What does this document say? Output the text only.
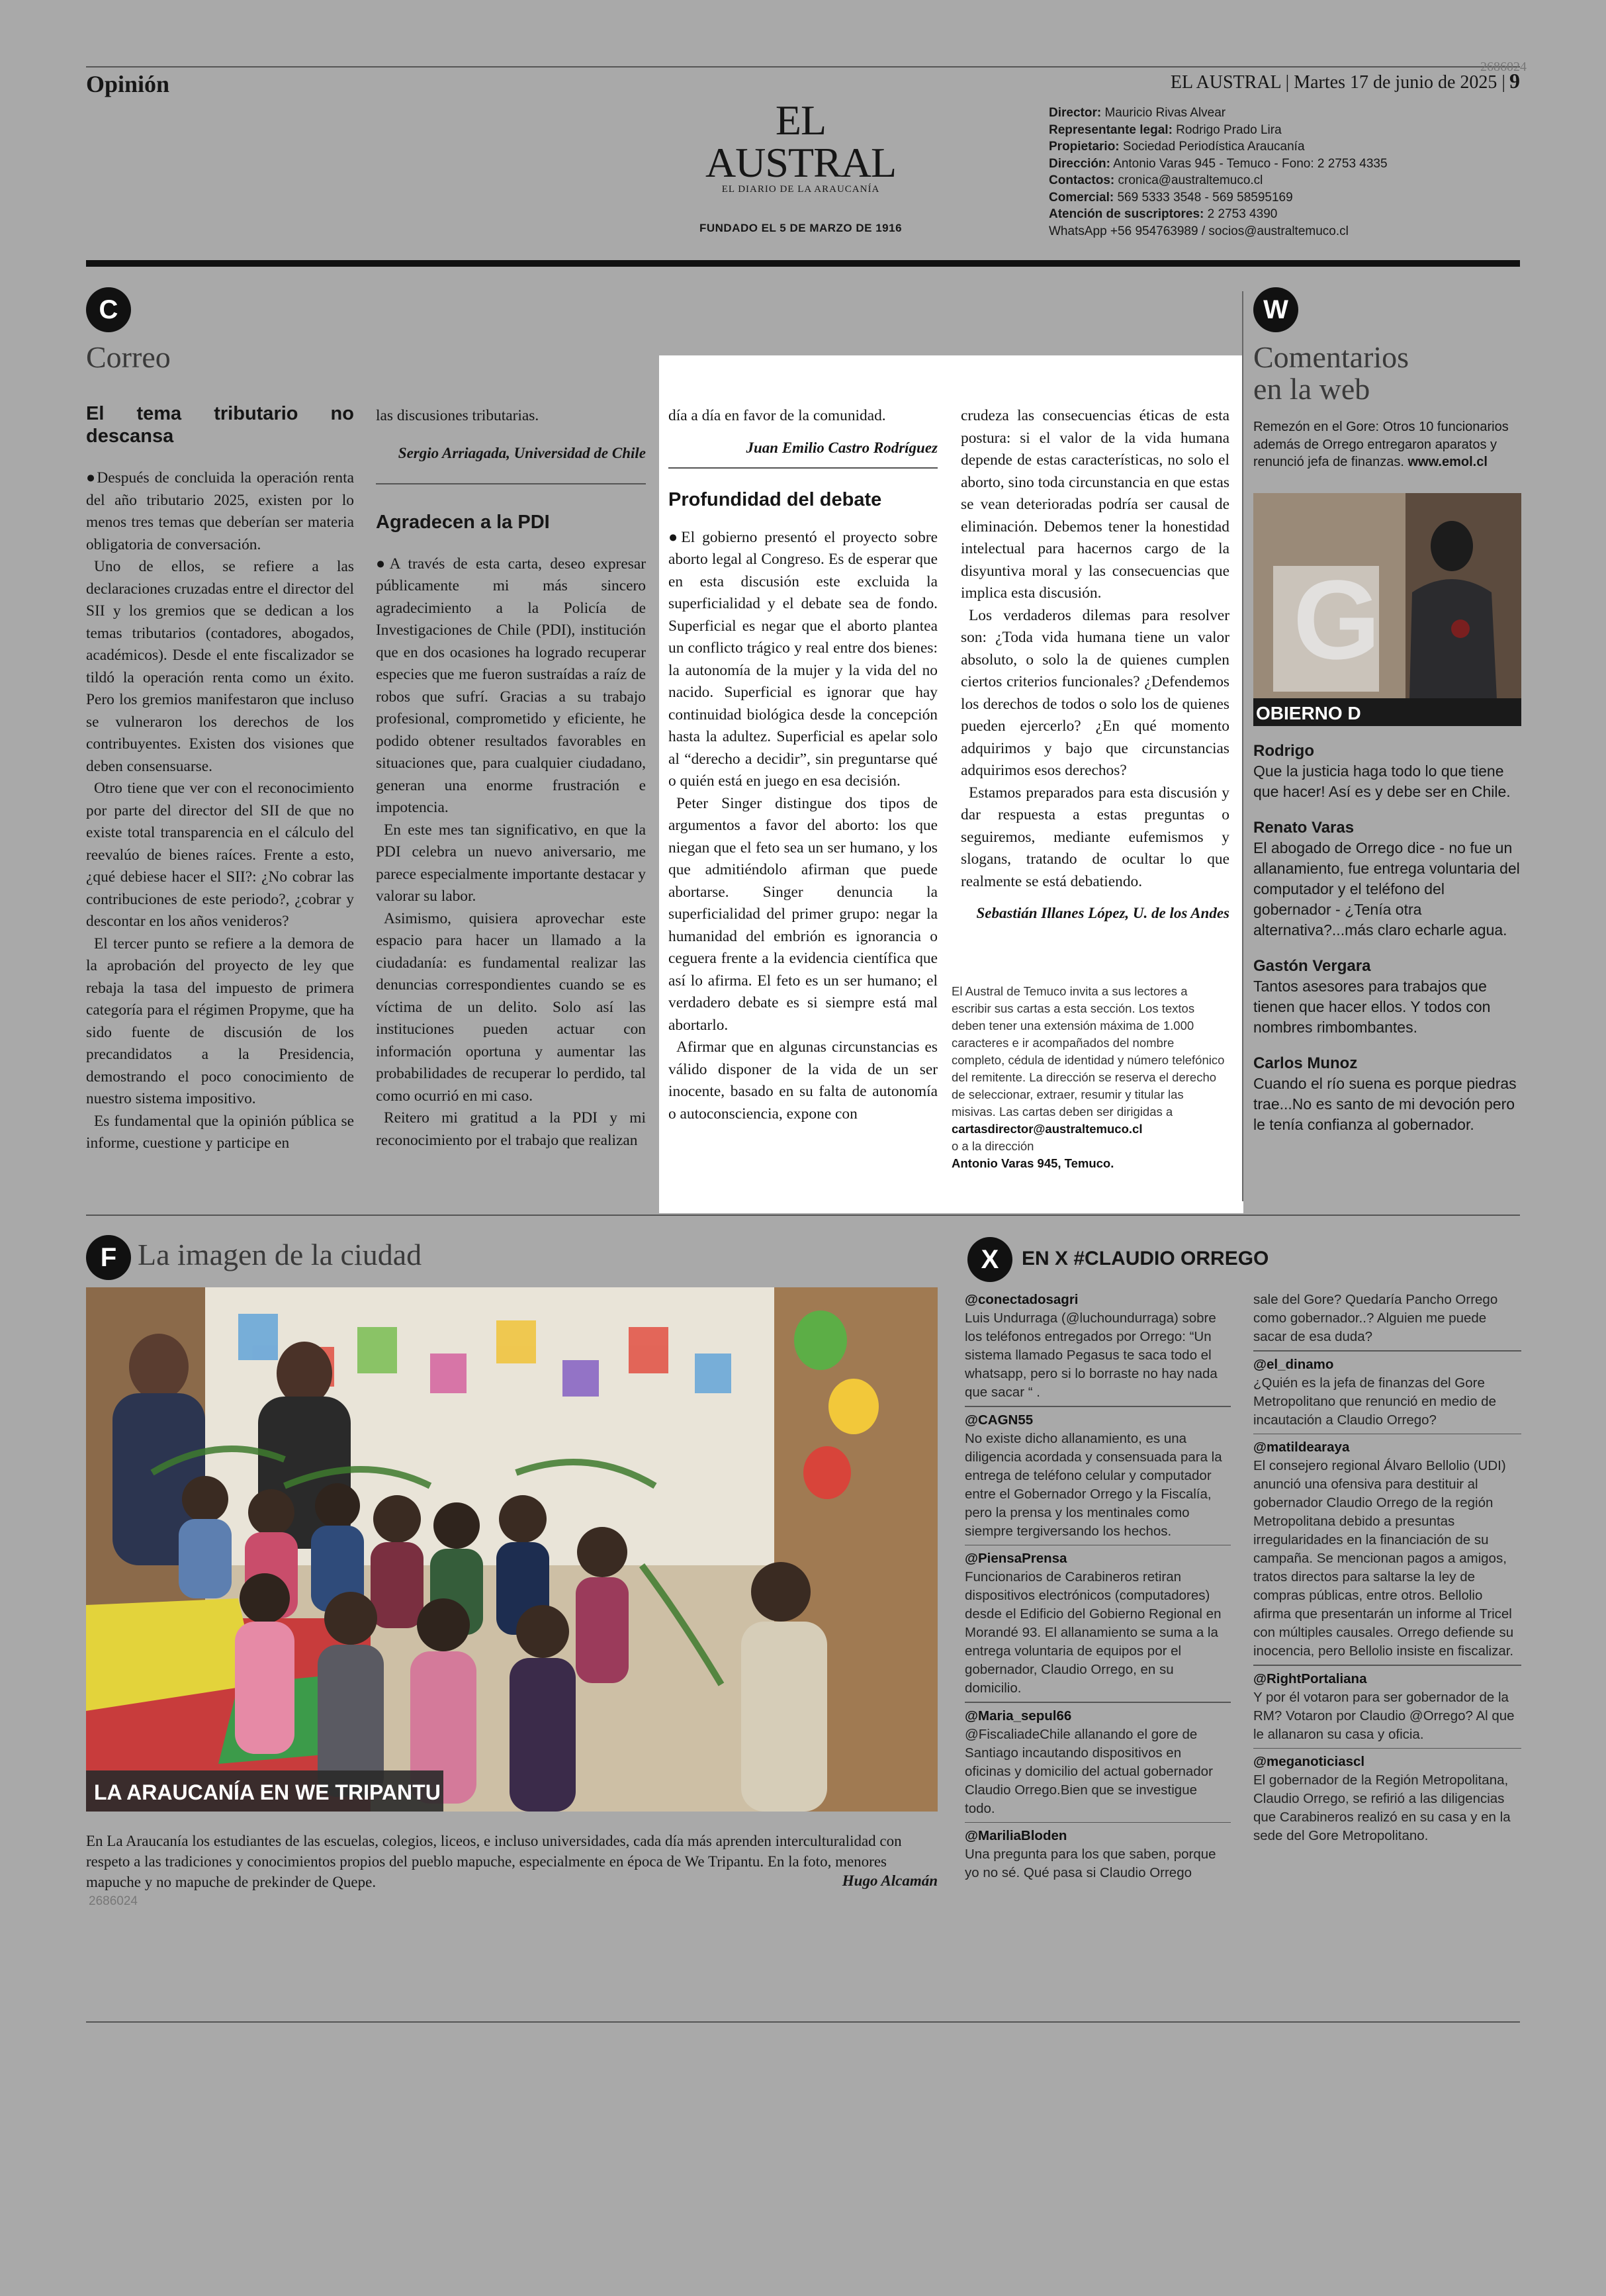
Opinión
2686024
EL AUSTRAL | Martes 17 de junio de 2025 | 9
EL AUSTRAL
EL DIARIO DE LA ARAUCANÍA
FUNDADO EL 5 DE MARZO DE 1916
Director: Mauricio Rivas Alvear
Representante legal: Rodrigo Prado Lira
Propietario: Sociedad Periodística Araucanía
Dirección: Antonio Varas 945 - Temuco - Fono: 2 2753 4335
Contactos: cronica@australtemuco.cl
Comercial: 569 5333 3548 - 569 58595169
Atención de suscriptores: 2 2753 4390
WhatsApp +56 954763989 / socios@australtemuco.cl
C
Correo
El tema tributario no descansa

●Después de concluida la operación renta del año tributario 2025, existen por lo menos tres temas que deberían ser materia obligatoria de conversación.

Uno de ellos, se refiere a las declaraciones cruzadas entre el director del SII y los gremios que se dedican a los temas tributarios (contadores, abogados, académicos). Desde el ente fiscalizador se tildó la operación renta como un éxito. Pero los gremios manifestaron que incluso se vulneraron los derechos de los contribuyentes. Existen dos visiones que deben consensuarse.

Otro tiene que ver con el reconocimiento por parte del director del SII de que no existe total transparencia en el cálculo del reevalúo de bienes raíces. Frente a esto, ¿qué debiese hacer el SII?: ¿No cobrar las contribuciones de este periodo?, ¿cobrar y descontar en los años venideros?

El tercer punto se refiere a la demora de la aprobación del proyecto de ley que rebaja la tasa del impuesto de primera categoría para el régimen Propyme, que ha sido fuente de discusión de los precandidatos a la Presidencia, demostrando el poco conocimiento de nuestro sistema impositivo.

Es fundamental que la opinión pública se informe, cuestione y participe en

las discusiones tributarias.

Sergio Arriagada, Universidad de Chile
Agradecen a la PDI

●A través de esta carta, deseo expresar públicamente mi más sincero agradecimiento a la Policía de Investigaciones de Chile (PDI), institución que en dos ocasiones ha logrado recuperar especies que me fueron sustraídas a raíz de robos que sufrí. Gracias a su trabajo profesional, comprometido y eficiente, he podido obtener resultados favorables en situaciones que, para cualquier ciudadano, generan una enorme frustración e impotencia.

En este mes tan significativo, en que la PDI celebra un nuevo aniversario, me parece especialmente importante destacar y valorar su labor.

Asimismo, quisiera aprovechar este espacio para hacer un llamado a la ciudadanía: es fundamental realizar las denuncias correspondientes cuando se es víctima de un delito. Solo así las instituciones pueden actuar con información oportuna y aumentar las probabilidades de recuperar lo perdido, tal como ocurrió en mi caso.

Reitero mi gratitud a la PDI y mi reconocimiento por el trabajo que realizan

día a día en favor de la comunidad.

Juan Emilio Castro Rodríguez
Profundidad del debate

●El gobierno presentó el proyecto sobre aborto legal al Congreso. Es de esperar que en esta discusión este excluida la superficialidad y el debate sea de fondo. Superficial es negar que el aborto plantea un conflicto trágico y real entre dos bienes: la autonomía de la mujer y la vida del no nacido. Superficial es ignorar que hay continuidad biológica desde la concepción hasta la adultez. Superficial es apelar solo al “derecho a decidir”, sin preguntarse qué o quién está en juego en esa decisión.

Peter Singer distingue dos tipos de argumentos a favor del aborto: los que niegan que el feto sea un ser humano, y los que admitiéndolo afirman que puede abortarse. Singer denuncia la superficialidad del primer grupo: negar la humanidad del embrión es ignorancia o ceguera frente a la evidencia científica que así lo afirma. El feto es un ser humano; el verdadero debate es si siempre está mal abortarlo.

Afirmar que en algunas circunstancias es válido disponer de la vida de un ser inocente, basado en su falta de autonomía o autoconsciencia, expone con

crudeza las consecuencias éticas de esta postura: si el valor de la vida humana depende de estas características, no solo el aborto, sino toda circunstancia en que estas se vean deterioradas podría ser causal de eliminación. Debemos tener la honestidad intelectual para hacernos cargo de la disyuntiva moral y las consecuencias que implica esta discusión.

Los verdaderos dilemas para resolver son: ¿Toda vida humana tiene un valor absoluto, o solo la de quienes cumplen ciertos criterios funcionales? ¿Defendemos los derechos de todos o solo los de quienes pueden ejercerlo? ¿En qué momento adquirimos y bajo que circunstancias adquirimos esos derechos?

Estamos preparados para esta discusión y dar respuesta a estas preguntas o seguiremos, mediante eufemismos y slogans, tratando de ocultar lo que realmente se está debatiendo.

Sebastián Illanes López, U. de los Andes
El Austral de Temuco invita a sus lectores a escribir sus cartas a esta sección. Los textos deben tener una extensión máxima de 1.000 caracteres e ir acompañados del nombre completo, cédula de identidad y número telefónico del remitente. La dirección se reserva el derecho de seleccionar, extraer, resumir y titular las misivas. Las cartas deben ser dirigidas a
cartasdirector@australtemuco.cl
o a la dirección
Antonio Varas 945, Temuco.
W
Comentarios
en la web
Remezón en el Gore: Otros 10 funcionarios además de Orrego entregaron aparatos y renunció jefa de finanzas. www.emol.cl
G
OBIERNO D
Rodrigo
Que la justicia haga todo lo que tiene que hacer! Así es y debe ser en Chile.
Renato Varas
El abogado de Orrego dice - no fue un allanamiento, fue entrega voluntaria del computador y el teléfono del gobernador - ¿Tenía otra alternativa?...más claro echarle agua.
Gastón Vergara
Tantos asesores para trabajos que tienen que hacer ellos. Y todos con nombres rimbombantes.
Carlos Munoz
Cuando el río suena es porque piedras trae...No es santo de mi devoción pero le tenía confianza al gobernador.
F La imagen de la ciudad
LA ARAUCANÍA EN WE TRIPANTU
En La Araucanía los estudiantes de las escuelas, colegios, liceos, e incluso universidades, cada día más aprenden interculturalidad con respeto a las tradiciones y conocimientos propios del pueblo mapuche, especialmente en época de We Tripantu. En la foto, menores mapuche y no mapuche de prekinder de Quepe.	Hugo Alcamán
2686024
X	EN X #CLAUDIO ORREGO
@conectadosagri
Luis Undurraga (@luchoundurraga) sobre los teléfonos entregados por Orrego: “Un sistema llamado Pegasus te saca todo el whatsapp, pero si lo borraste no hay nada que sacar “ .
@CAGN55
No existe dicho allanamiento, es una diligencia acordada y consensuada para la entrega de teléfono celular y computador entre el Gobernador Orrego y la Fiscalía, pero la prensa y los mentinales como siempre tergiversando los hechos.
@PiensaPrensa
Funcionarios de Carabineros retiran dispositivos electrónicos (computadores) desde el Edificio del Gobierno Regional en Morandé 93. El allanamiento se suma a la entrega voluntaria de equipos por el gobernador, Claudio Orrego, en su domicilio.
@Maria_sepul66
@FiscaliadeChile allanando el gore de Santiago incautando dispositivos en oficinas y domicilio del actual gobernador Claudio Orrego.Bien que se investigue todo.
@MariliaBloden
Una pregunta para los que saben, porque yo no sé. Qué pasa si Claudio Orrego
sale del Gore? Quedaría Pancho Orrego como gobernador..? Alguien me puede sacar de esa duda?
@el_dinamo
¿Quién es la jefa de finanzas del Gore Metropolitano que renunció en medio de incautación a Claudio Orrego?
@matildearaya
El consejero regional Álvaro Bellolio (UDI) anunció una ofensiva para destituir al gobernador Claudio Orrego de la región Metropolitana debido a presuntas irregularidades en la financiación de su campaña. Se mencionan pagos a amigos, tratos directos para saltarse la ley de compras públicas, entre otros. Bellolio afirma que presentarán un informe al Tricel con múltiples causales. Orrego defiende su inocencia, pero Bellolio insiste en fiscalizar.
@RightPortaliana
Y por él votaron para ser gobernador de la RM? Votaron por Claudio @Orrego? Al que le allanaron su casa y oficia.
@meganoticiascl
El gobernador de la Región Metropolitana, Claudio Orrego, se refirió a las diligencias que Carabineros realizó en su casa y en la sede del Gore Metropolitano.
